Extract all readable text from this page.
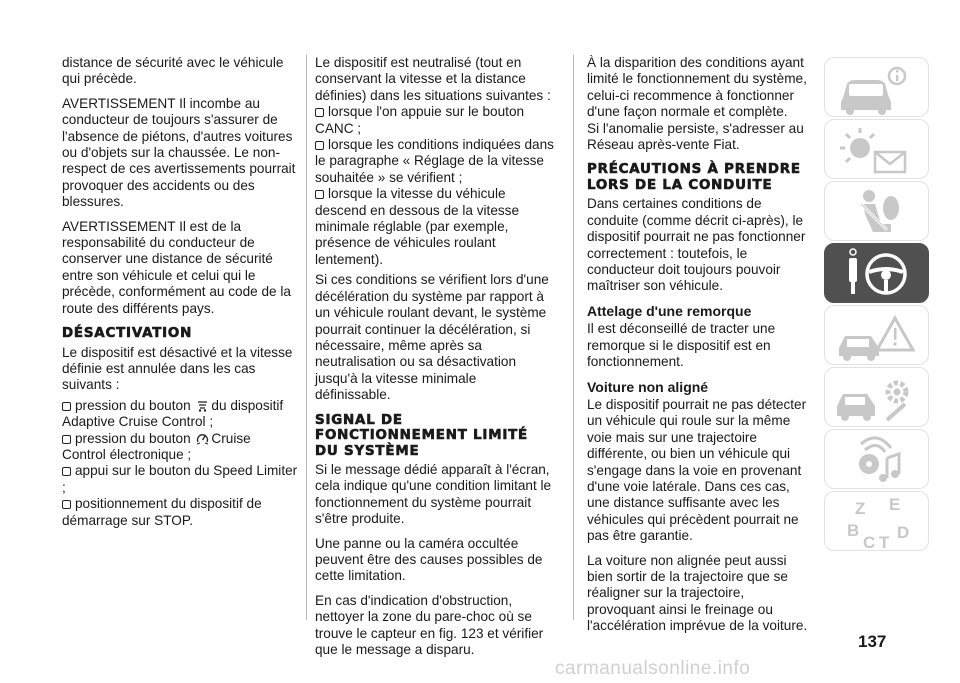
distance de sécurité avec le véhicule qui précède.

AVERTISSEMENT Il incombe au conducteur de toujours s'assurer de l'absence de piétons, d'autres voitures ou d'objets sur la chaussée. Le non-respect de ces avertissements pourrait provoquer des accidents ou des blessures.

AVERTISSEMENT Il est de la responsabilité du conducteur de conserver une distance de sécurité entre son véhicule et celui qui le précède, conformément au code de la route des différents pays.

DÉSACTIVATION

Le dispositif est désactivé et la vitesse définie est annulée dans les cas suivants :

pression du bouton du dispositif Adaptive Cruise Control ;
pression du bouton Cruise Control électronique ;
appui sur le bouton du Speed Limiter ;
positionnement du dispositif de démarrage sur STOP.

Le dispositif est neutralisé (tout en conservant la vitesse et la distance définies) dans les situations suivantes :

lorsque l'on appuie sur le bouton CANC ;
lorsque les conditions indiquées dans le paragraphe « Réglage de la vitesse souhaitée » se vérifient ;
lorsque la vitesse du véhicule descend en dessous de la vitesse minimale réglable (par exemple, présence de véhicules roulant lentement).

Si ces conditions se vérifient lors d'une décélération du système par rapport à un véhicule roulant devant, le système pourrait continuer la décélération, si nécessaire, même après sa neutralisation ou sa désactivation jusqu'à la vitesse minimale définissable.

SIGNAL DE FONCTIONNEMENT LIMITÉ DU SYSTÈME

Si le message dédié apparaît à l'écran, cela indique qu'une condition limitant le fonctionnement du système pourrait s'être produite.

Une panne ou la caméra occultée peuvent être des causes possibles de cette limitation.

En cas d'indication d'obstruction, nettoyer la zone du pare-choc où se trouve le capteur en fig. 123 et vérifier que le message a disparu.

À la disparition des conditions ayant limité le fonctionnement du système, celui-ci recommence à fonctionner d'une façon normale et complète.

Si l'anomalie persiste, s'adresser au Réseau après-vente Fiat.

PRÉCAUTIONS À PRENDRE LORS DE LA CONDUITE

Dans certaines conditions de conduite (comme décrit ci-après), le dispositif pourrait ne pas fonctionner correctement : toutefois, le conducteur doit toujours pouvoir maîtriser son véhicule.

Attelage d'une remorque

Il est déconseillé de tracter une remorque si le dispositif est en fonctionnement.

Voiture non aligné

Le dispositif pourrait ne pas détecter un véhicule qui roule sur la même voie mais sur une trajectoire différente, ou bien un véhicule qui s'engage dans la voie en provenant d'une voie latérale. Dans ces cas, une distance suffisante avec les véhicules qui précèdent pourrait ne pas être garantie.

La voiture non alignée peut aussi bien sortir de la trajectoire que se réaligner sur la trajectoire, provoquant ainsi le freinage ou l'accélération imprévue de la voiture.

Z E
B
C T
D
137
carmanualsonline.info
